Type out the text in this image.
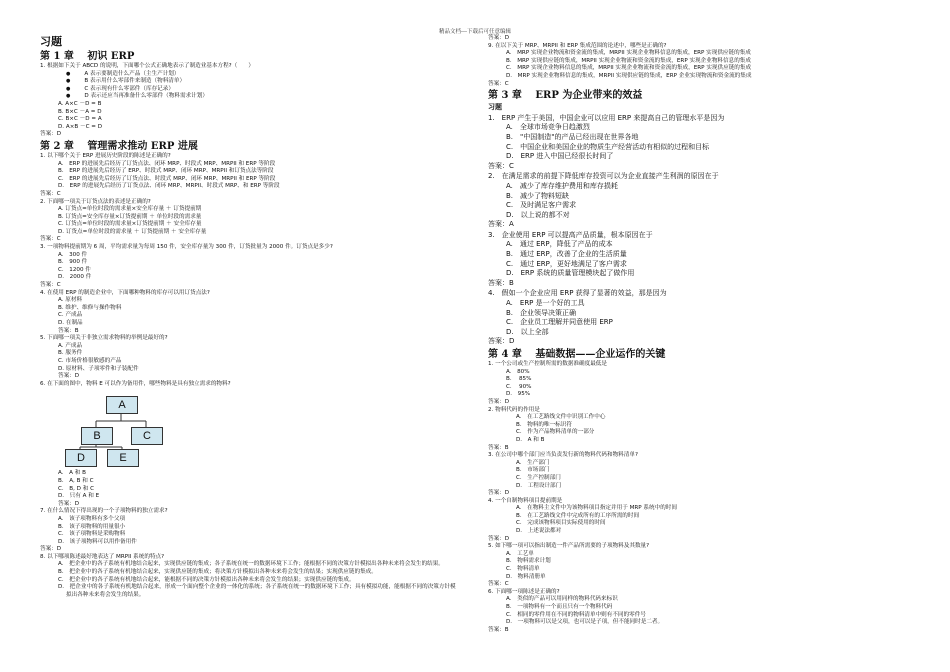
精品文档---下载后可任意编辑
习题
第 1 章　 初识 ERP
1. 根据如下关于 ABCD 的说明，下面哪个公式正确地表示了制造业基本方程?（　　）
● A 表示要制造什么产品（主生产计划）
● B 表示用什么零部件来制造（物料清单）
● C 表示现有什么零部件（库存记录）
● D 表示还应当再准备什么零部件（物料需求计划）
A. A×C －D = B
B. B×C －A = D
C. B×C －D = A
D. A×B －C = D
答案：D
第 2 章　 管理需求推动 ERP 进展
1. 以下哪个关于 ERP 进展历史阶段的陈述是正确的?
A.　ERP 的进展先后经历了订货点法、闭环 MRP、时段式 MRP、MRPII 和 ERP 等阶段
B.　ERP 的进展先后经历了 ERP、时段式 MRP、闭环 MRP、MRPII 和订货点法等阶段
C.　ERP 的进展先后经历了订货点法、时段式 MRP、闭环 MRP、MRPII 和 ERP 等阶段
D.　ERP 的进展先后经历了订货点法、闭环 MRP、MRPII、时段式 MRP、和 ERP 等阶段
答案：C
2. 下面哪一项关于订货点法的表述是正确的?
A. 订货点=单位时段的需求量×安全库存量 ＋ 订货提前期
B. 订货点=安全库存量×订货提前期 ＋ 单位时段的需求量
C. 订货点=单位时段的需求量×订货提前期 ＋ 安全库存量
D. 订货点=单位时段的需求量 ＋ 订货提前期 ＋ 安全库存量
答案：C
3. 一项物料提前期为 6 周，平均需求量为每周 150 件，安全库存量为 300 件，订货批量为 2000 件。订货点是多少?
A.　300 件
B.　900 件
C.　1200 件
D.　2000 件
答案：C
4. 在使用 ERP 的制造企业中，下面哪种物料的库存可以用订货点法?
A. 原材料
B. 维护、维修与操作物料
C. 产成品
D. 在制品
答案：B
5. 下面哪一项关于非独立需求物料的举例是最好的?
A. 产成品
B. 服务件
C. 市场价格很敏感的产品
D. 原材料、子项零件和子装配件
答案：D
6. 在下面的图中，物料 E 可以作为备用件，哪些物料是具有独立需求的物料?
A
B	C
D	E
A.　A 和 B
B.　A, B 和 C
C.　B, D 和 C
D.　只有 A 和 E
答案：D
7. 在什么情况下得出现的一个子项物料的独立需求?
A.　该子项物料有多个父项
B.　该子项物料的用量很小
C.　该子项物料是采购物料
D.　该子项物料可以用作备用件
答案：D
8. 以下哪项陈述最好地表达了 MRPII 系统的特点?
A.　把企业中的各子系统有机地结合起来，实现供应链的集成；各子系统在统一的数据环境下工作；能根据不同的决策方针模拟出各种未来将会发生的结果。
B.　把企业中的各子系统有机地结合起来，实现供应链的集成；将决策方针模拟出各种未来将会发生的结果；实现供应链的集成。
C.　把企业中的各子系统有机地结合起来，能根据不同的决策方针模拟出各种未来将会发生的结果；实现供应链的集成。
D.　把企业中的各子系统有机地结合起来，形成一个面向整个企业的一体化的系统；各子系统在统一的数据环境下工作；具有模拟功能，能根据不同的决策方针模拟出各种未来将会发生的结果。
答案：D
9. 在以下关于 MRP、MRPII 和 ERP 集成范围的论述中，哪些是正确的?
A.　MRP 实现企业物流和资金流的集成，MRPII 实现企业物料信息的集成，ERP 实现供应链的集成
B.　MRP 实现供应链的集成，MRPII 实现企业物流和资金流的集成，ERP 实现企业物料信息的集成
C.　MRP 实现企业物料信息的集成，MRPII 实现企业物流和资金流的集成，ERP 实现供应链的集成
D.　MRP 实现企业物料信息的集成，MRPII 实现供应链的集成，ERP 企业实现物流和资金流的集成
答案：C
第 3 章　 ERP 为企业带来的效益
习题
1.　ERP 产生于美国，中国企业可以应用 ERP 来提高自己的管理水平是因为
A.　全球市场竞争日趋激烈
B.　"中国制造"的产品已经出现在世界各地
C.　中国企业和美国企业的物质生产经营活动有相似的过程和目标
D.　ERP 进入中国已经很长时间了
答案：C
2.　在满足需求的前提下降低库存投资可以为企业直接产生利润的原因在于
A.　减少了库存维护费用和库存损耗
B.　减少了物料短缺
C.　及时满足客户需求
D.　以上说的都不对
答案：A
3.　企业使用 ERP 可以提高产品质量，根本原因在于
A.　通过 ERP，降低了产品的成本
B.　通过 ERP，改善了企业的生活质量
C.　通过 ERP，更好地满足了客户需求
D.　ERP 系统的质量管理模块起了做作用
答案：B
4.　假如一个企业应用 ERP 获得了显著的效益，那是因为
A.　ERP 是一个好的工具
B.　企业领导决策正确
C.　企业员工理解并同意使用 ERP
D.　以上全部
答案：D
第 4 章　 基础数据——企业运作的关键
1. 一个公司或生产控制所需的数据准确度最低是
A.　80%
B.　 85%
C.　 90%
D.　95%
答案：D
2. 物料代码的作用是
A.　在工艺路线文件中识别工作中心
B.　物料的唯一标识符
C.　作为产品物料清单的一部分
D.　A 和 B
答案：B
3. 在公司中哪个部门应当负责发行新的物料代码和物料清单?
A.　生产部门
B.　市场部门
C.　生产控制部门
D.　工程设计部门
答案：D
4. 一个自制物料项目提前期是
A.　在物料主文件中为该物料项目指定并用于 MRP 系统中的时间
B.　在工艺路线文件中完成所有的工序所需的时间
C.　完成该物料项目实际使用的时间
D.　上述说法都对
答案：D
5. 如下哪一项可以指出制造一件产品所需要的子项物料及其数量?
A.　工艺单
B.　物料需求计划
C.　物料清单
D.　物料清册单
答案：C
6. 下面哪一项陈述是正确的?
A.　类似的产品可以用同样的物料代码来标识
B.　一项物料有一个而且只有一个物料代码
C.　相同的零件用在不同的物料清单中则有不同的零件号
D.　一项物料可以是父项，也可以是子项，但不能同时是二者。
答案：B
